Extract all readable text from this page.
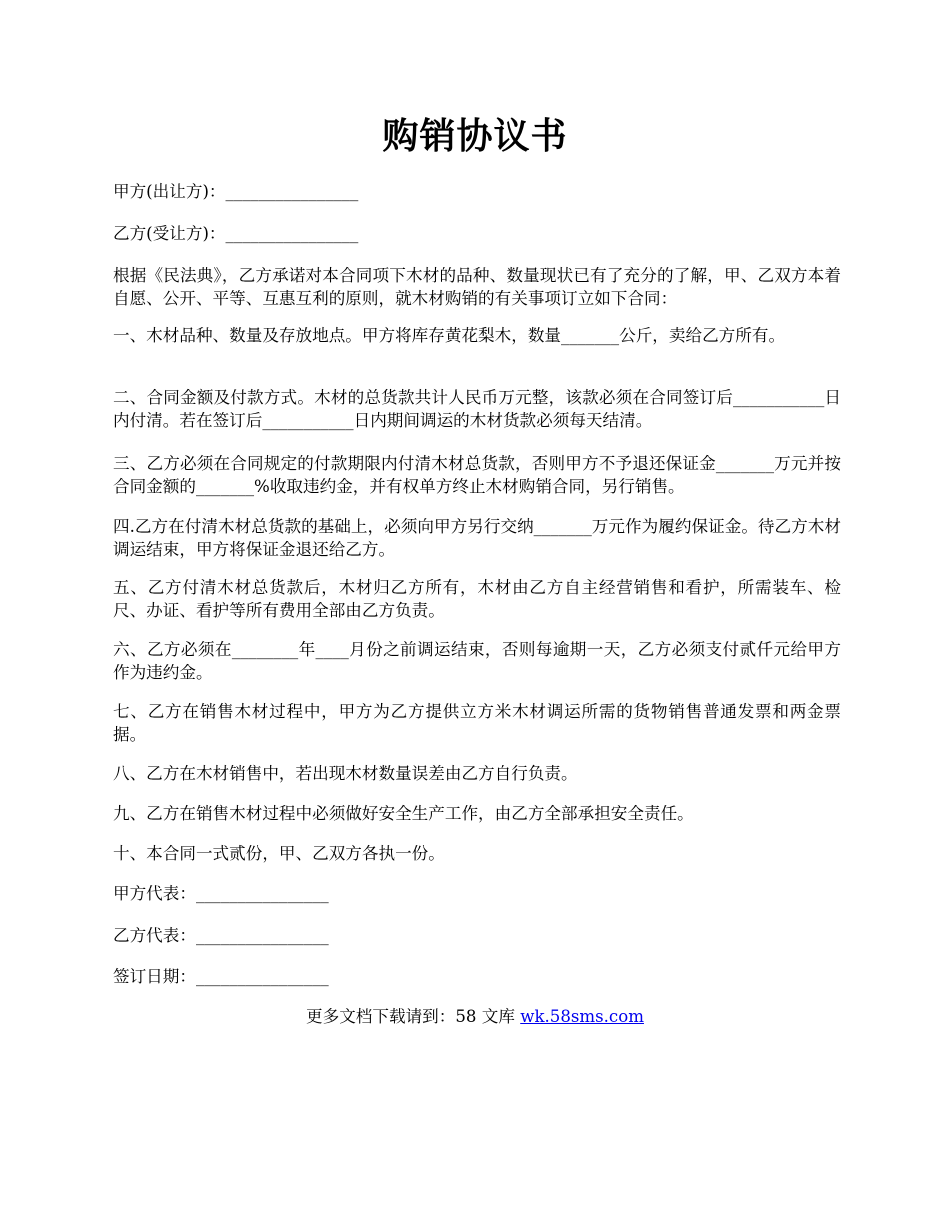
购销协议书
甲方(出让方)：________________
乙方(受让方)：________________
根据《民法典》，乙方承诺对本合同项下木材的品种、数量现状已有了充分的了解，甲、乙双方本着自愿、公开、平等、互惠互利的原则，就木材购销的有关事项订立如下合同：
一、木材品种、数量及存放地点。甲方将库存黄花梨木，数量_______公斤，卖给乙方所有。
二、合同金额及付款方式。木材的总货款共计人民币万元整，该款必须在合同签订后___________日内付清。若在签订后___________日内期间调运的木材货款必须每天结清。
三、乙方必须在合同规定的付款期限内付清木材总货款，否则甲方不予退还保证金_______万元并按合同金额的_______%收取违约金，并有权单方终止木材购销合同，另行销售。
四.乙方在付清木材总货款的基础上，必须向甲方另行交纳_______万元作为履约保证金。待乙方木材调运结束，甲方将保证金退还给乙方。
五、乙方付清木材总货款后，木材归乙方所有，木材由乙方自主经营销售和看护，所需装车、检尺、办证、看护等所有费用全部由乙方负责。
六、乙方必须在________年____月份之前调运结束，否则每逾期一天，乙方必须支付贰仟元给甲方作为违约金。
七、乙方在销售木材过程中，甲方为乙方提供立方米木材调运所需的货物销售普通发票和两金票据。
八、乙方在木材销售中，若出现木材数量误差由乙方自行负责。
九、乙方在销售木材过程中必须做好安全生产工作，由乙方全部承担安全责任。
十、本合同一式贰份，甲、乙双方各执一份。
甲方代表：________________
乙方代表：________________
签订日期：________________
更多文档下载请到：58 文库 wk.58sms.com
